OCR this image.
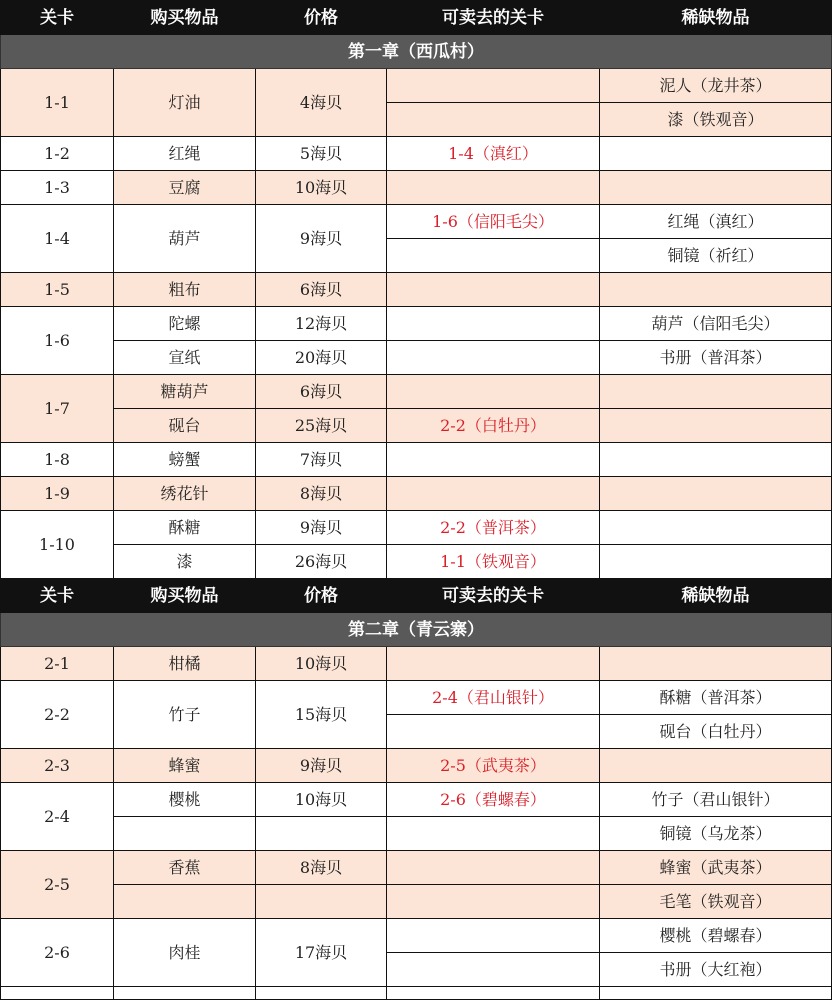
关卡	购买物品	价格	可卖去的关卡	稀缺物品
第一章（西瓜村）				
1-1	灯油	4海贝		泥人（龙井茶）
				漆（铁观音）
1-2	红绳	5海贝	1-4（滇红）	
1-3	豆腐	10海贝		
1-4	葫芦	9海贝	1-6（信阳毛尖）	红绳（滇红）
				铜镜（祈红）
1-5	粗布	6海贝		
1-6	陀螺	12海贝		葫芦（信阳毛尖）
	宣纸	20海贝		书册（普洱茶）
1-7	糖葫芦	6海贝		
	砚台	25海贝	2-2（白牡丹）	
1-8	螃蟹	7海贝		
1-9	绣花针	8海贝		
1-10	酥糖	9海贝	2-2（普洱茶）	
	漆	26海贝	1-1（铁观音）	
关卡	购买物品	价格	可卖去的关卡	稀缺物品
第二章（青云寨）				
2-1	柑橘	10海贝		
2-2	竹子	15海贝	2-4（君山银针）	酥糖（普洱茶）
				砚台（白牡丹）
2-3	蜂蜜	9海贝	2-5（武夷茶）	
2-4	樱桃	10海贝	2-6（碧螺春）	竹子（君山银针）
				铜镜（乌龙茶）
2-5	香蕉	8海贝		蜂蜜（武夷茶）
				毛笔（铁观音）
2-6	肉桂	17海贝		樱桃（碧螺春）
				书册（大红袍）
